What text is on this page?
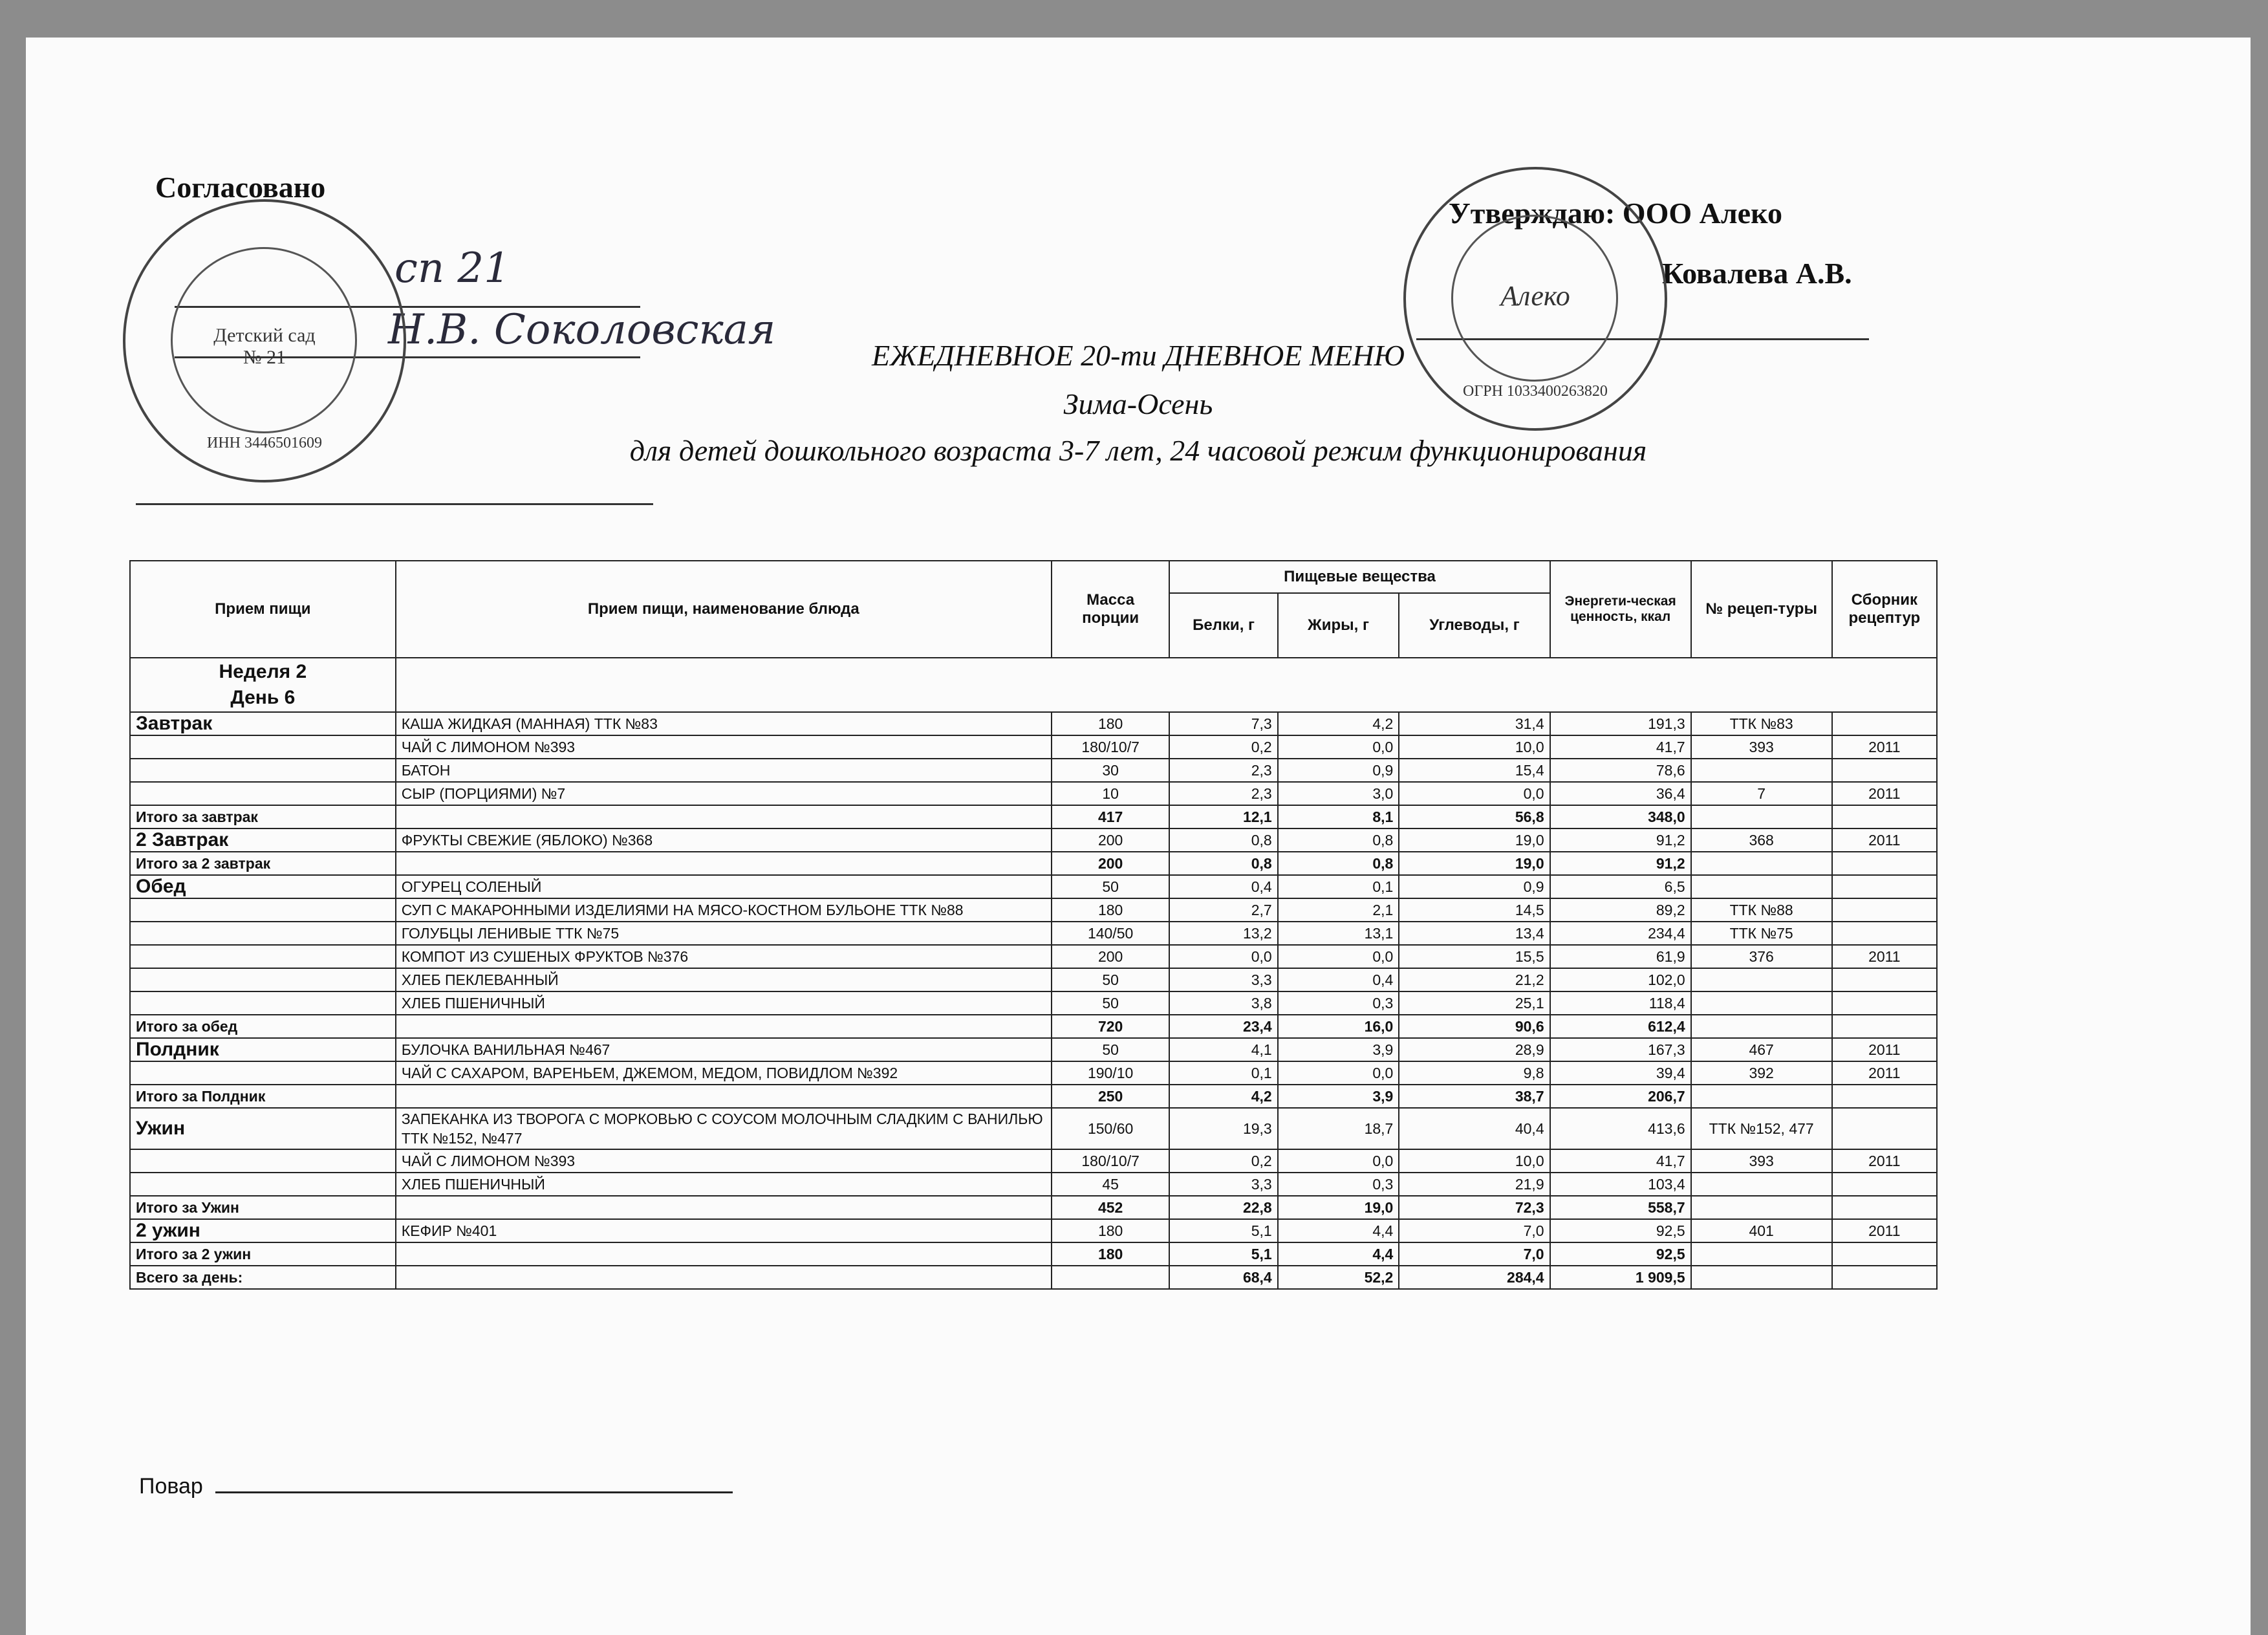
Согласовано
сп 21
Н.В. Соколовская
Детский сад № 21
ИНН 3446501609
Утверждаю: ООО Алеко
Ковалева А.В.
Алеко
ОГРН 1033400263820
ЕЖЕДНЕВНОЕ 20-ти ДНЕВНОЕ МЕНЮ
Зима-Осень
для детей дошкольного возраста 3-7 лет, 24 часовой режим функционирования
Прием пищи	Прием пищи, наименование блюда	Масса порции	Пищевые вещества			Энергети-ческая ценность, ккал	№ рецеп-туры	Сборник рецептур
			Белки, г	Жиры, г	Углеводы, г			

Неделя 2
День 6								

Завтрак	КАША ЖИДКАЯ (МАННАЯ) ТТК №83	180	7,3	4,2	31,4	191,3	ТТК №83	
	ЧАЙ С ЛИМОНОМ №393	180/10/7	0,2	0,0	10,0	41,7	393	2011
	БАТОН	30	2,3	0,9	15,4	78,6		
	СЫР (ПОРЦИЯМИ) №7	10	2,3	3,0	0,0	36,4	7	2011
Итого за завтрак		417	12,1	8,1	56,8	348,0		
2 Завтрак	ФРУКТЫ СВЕЖИЕ (ЯБЛОКО) №368	200	0,8	0,8	19,0	91,2	368	2011
Итого за 2 завтрак		200	0,8	0,8	19,0	91,2		
Обед	ОГУРЕЦ СОЛЕНЫЙ	50	0,4	0,1	0,9	6,5		
	СУП С МАКАРОННЫМИ ИЗДЕЛИЯМИ НА МЯСО-КОСТНОМ БУЛЬОНЕ ТТК №88	180	2,7	2,1	14,5	89,2	ТТК №88	
	ГОЛУБЦЫ ЛЕНИВЫЕ ТТК №75	140/50	13,2	13,1	13,4	234,4	ТТК №75	
	КОМПОТ ИЗ СУШЕНЫХ ФРУКТОВ №376	200	0,0	0,0	15,5	61,9	376	2011
	ХЛЕБ ПЕКЛЕВАННЫЙ	50	3,3	0,4	21,2	102,0		
	ХЛЕБ ПШЕНИЧНЫЙ	50	3,8	0,3	25,1	118,4		
Итого за обед		720	23,4	16,0	90,6	612,4		
Полдник	БУЛОЧКА ВАНИЛЬНАЯ №467	50	4,1	3,9	28,9	167,3	467	2011
	ЧАЙ С САХАРОМ, ВАРЕНЬЕМ, ДЖЕМОМ, МЕДОМ, ПОВИДЛОМ №392	190/10	0,1	0,0	9,8	39,4	392	2011
Итого за Полдник		250	4,2	3,9	38,7	206,7		
Ужин	ЗАПЕКАНКА ИЗ ТВОРОГА С МОРКОВЬЮ С СОУСОМ МОЛОЧНЫМ СЛАДКИМ С ВАНИЛЬЮ ТТК №152, №477	150/60	19,3	18,7	40,4	413,6	ТТК №152, 477	
	ЧАЙ С ЛИМОНОМ №393	180/10/7	0,2	0,0	10,0	41,7	393	2011
	ХЛЕБ ПШЕНИЧНЫЙ	45	3,3	0,3	21,9	103,4		
Итого за Ужин		452	22,8	19,0	72,3	558,7		
2 ужин	КЕФИР №401	180	5,1	4,4	7,0	92,5	401	2011
Итого за 2 ужин		180	5,1	4,4	7,0	92,5		
Всего за день:			68,4	52,2	284,4	1 909,5		
Повар
